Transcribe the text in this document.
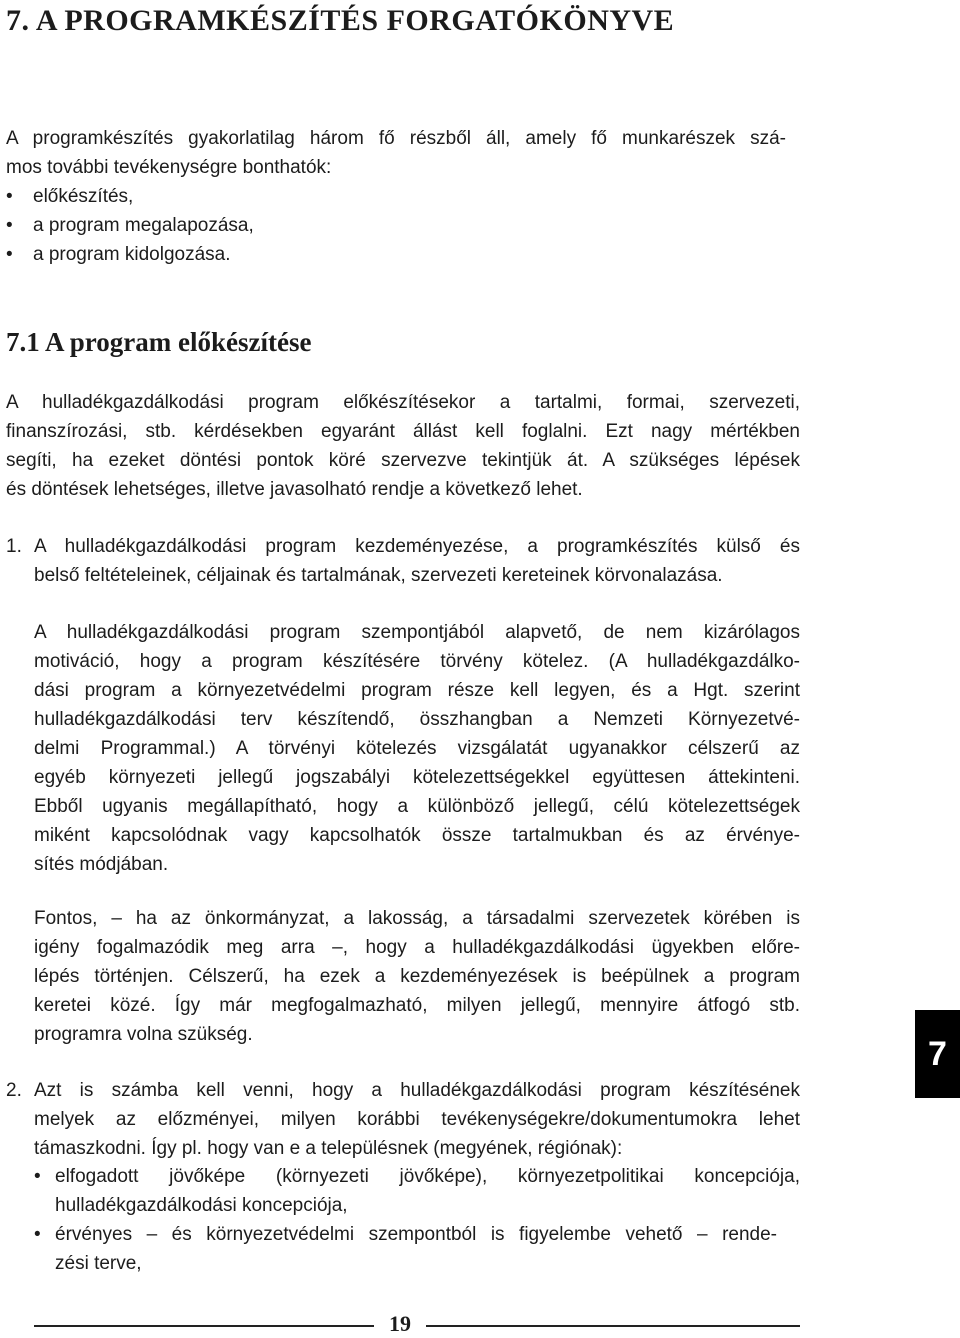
7. A PROGRAMKÉSZÍTÉS FORGATÓKÖNYVE
A programkészítés gyakorlatilag három fő részből áll, amely fő munkarészek szá-
mos további tevékenységre bonthatók:
• előkészítés,
• a program megalapozása,
• a program kidolgozása.
7.1 A program előkészítése
A hulladékgazdálkodási program előkészítésekor a tartalmi, formai, szervezeti,
finanszírozási, stb. kérdésekben egyaránt állást kell foglalni. Ezt nagy mértékben
segíti, ha ezeket döntési pontok köré szervezve tekintjük át. A szükséges lépések
és döntések lehetséges, illetve javasolható rendje a következő lehet.
1. A hulladékgazdálkodási program kezdeményezése, a programkészítés külső és
belső feltételeinek, céljainak és tartalmának, szervezeti kereteinek körvonalazása.
A hulladékgazdálkodási program szempontjából alapvető, de nem kizárólagos
motiváció, hogy a program készítésére törvény kötelez. (A hulladékgazdálko-
dási program a környezetvédelmi program része kell legyen, és a Hgt. szerint
hulladékgazdálkodási terv készítendő, összhangban a Nemzeti Környezetvé-
delmi Programmal.) A törvényi kötelezés vizsgálatát ugyanakkor célszerű az
egyéb környezeti jellegű jogszabályi kötelezettségekkel együttesen áttekinteni.
Ebből ugyanis megállapítható, hogy a különböző jellegű, célú kötelezettségek
miként kapcsolódnak vagy kapcsolhatók össze tartalmukban és az érvénye-
sítés módjában.
Fontos, – ha az önkormányzat, a lakosság, a társadalmi szervezetek körében is
igény fogalmazódik meg arra –, hogy a hulladékgazdálkodási ügyekben előre-
lépés történjen. Célszerű, ha ezek a kezdeményezések is beépülnek a program
keretei közé. Így már megfogalmazható, milyen jellegű, mennyire átfogó stb.
programra volna szükség.
2. Azt is számba kell venni, hogy a hulladékgazdálkodási program készítésének
melyek az előzményei, milyen korábbi tevékenységekre/dokumentumokra lehet
támaszkodni. Így pl. hogy van e a településnek (megyének, régiónak):
• elfogadott jövőképe (környezeti jövőképe), környezetpolitikai koncepciója,
hulladékgazdálkodási koncepciója,
• érvényes – és környezetvédelmi szempontból is figyelembe vehető – rende-
zési terve,
7
19
